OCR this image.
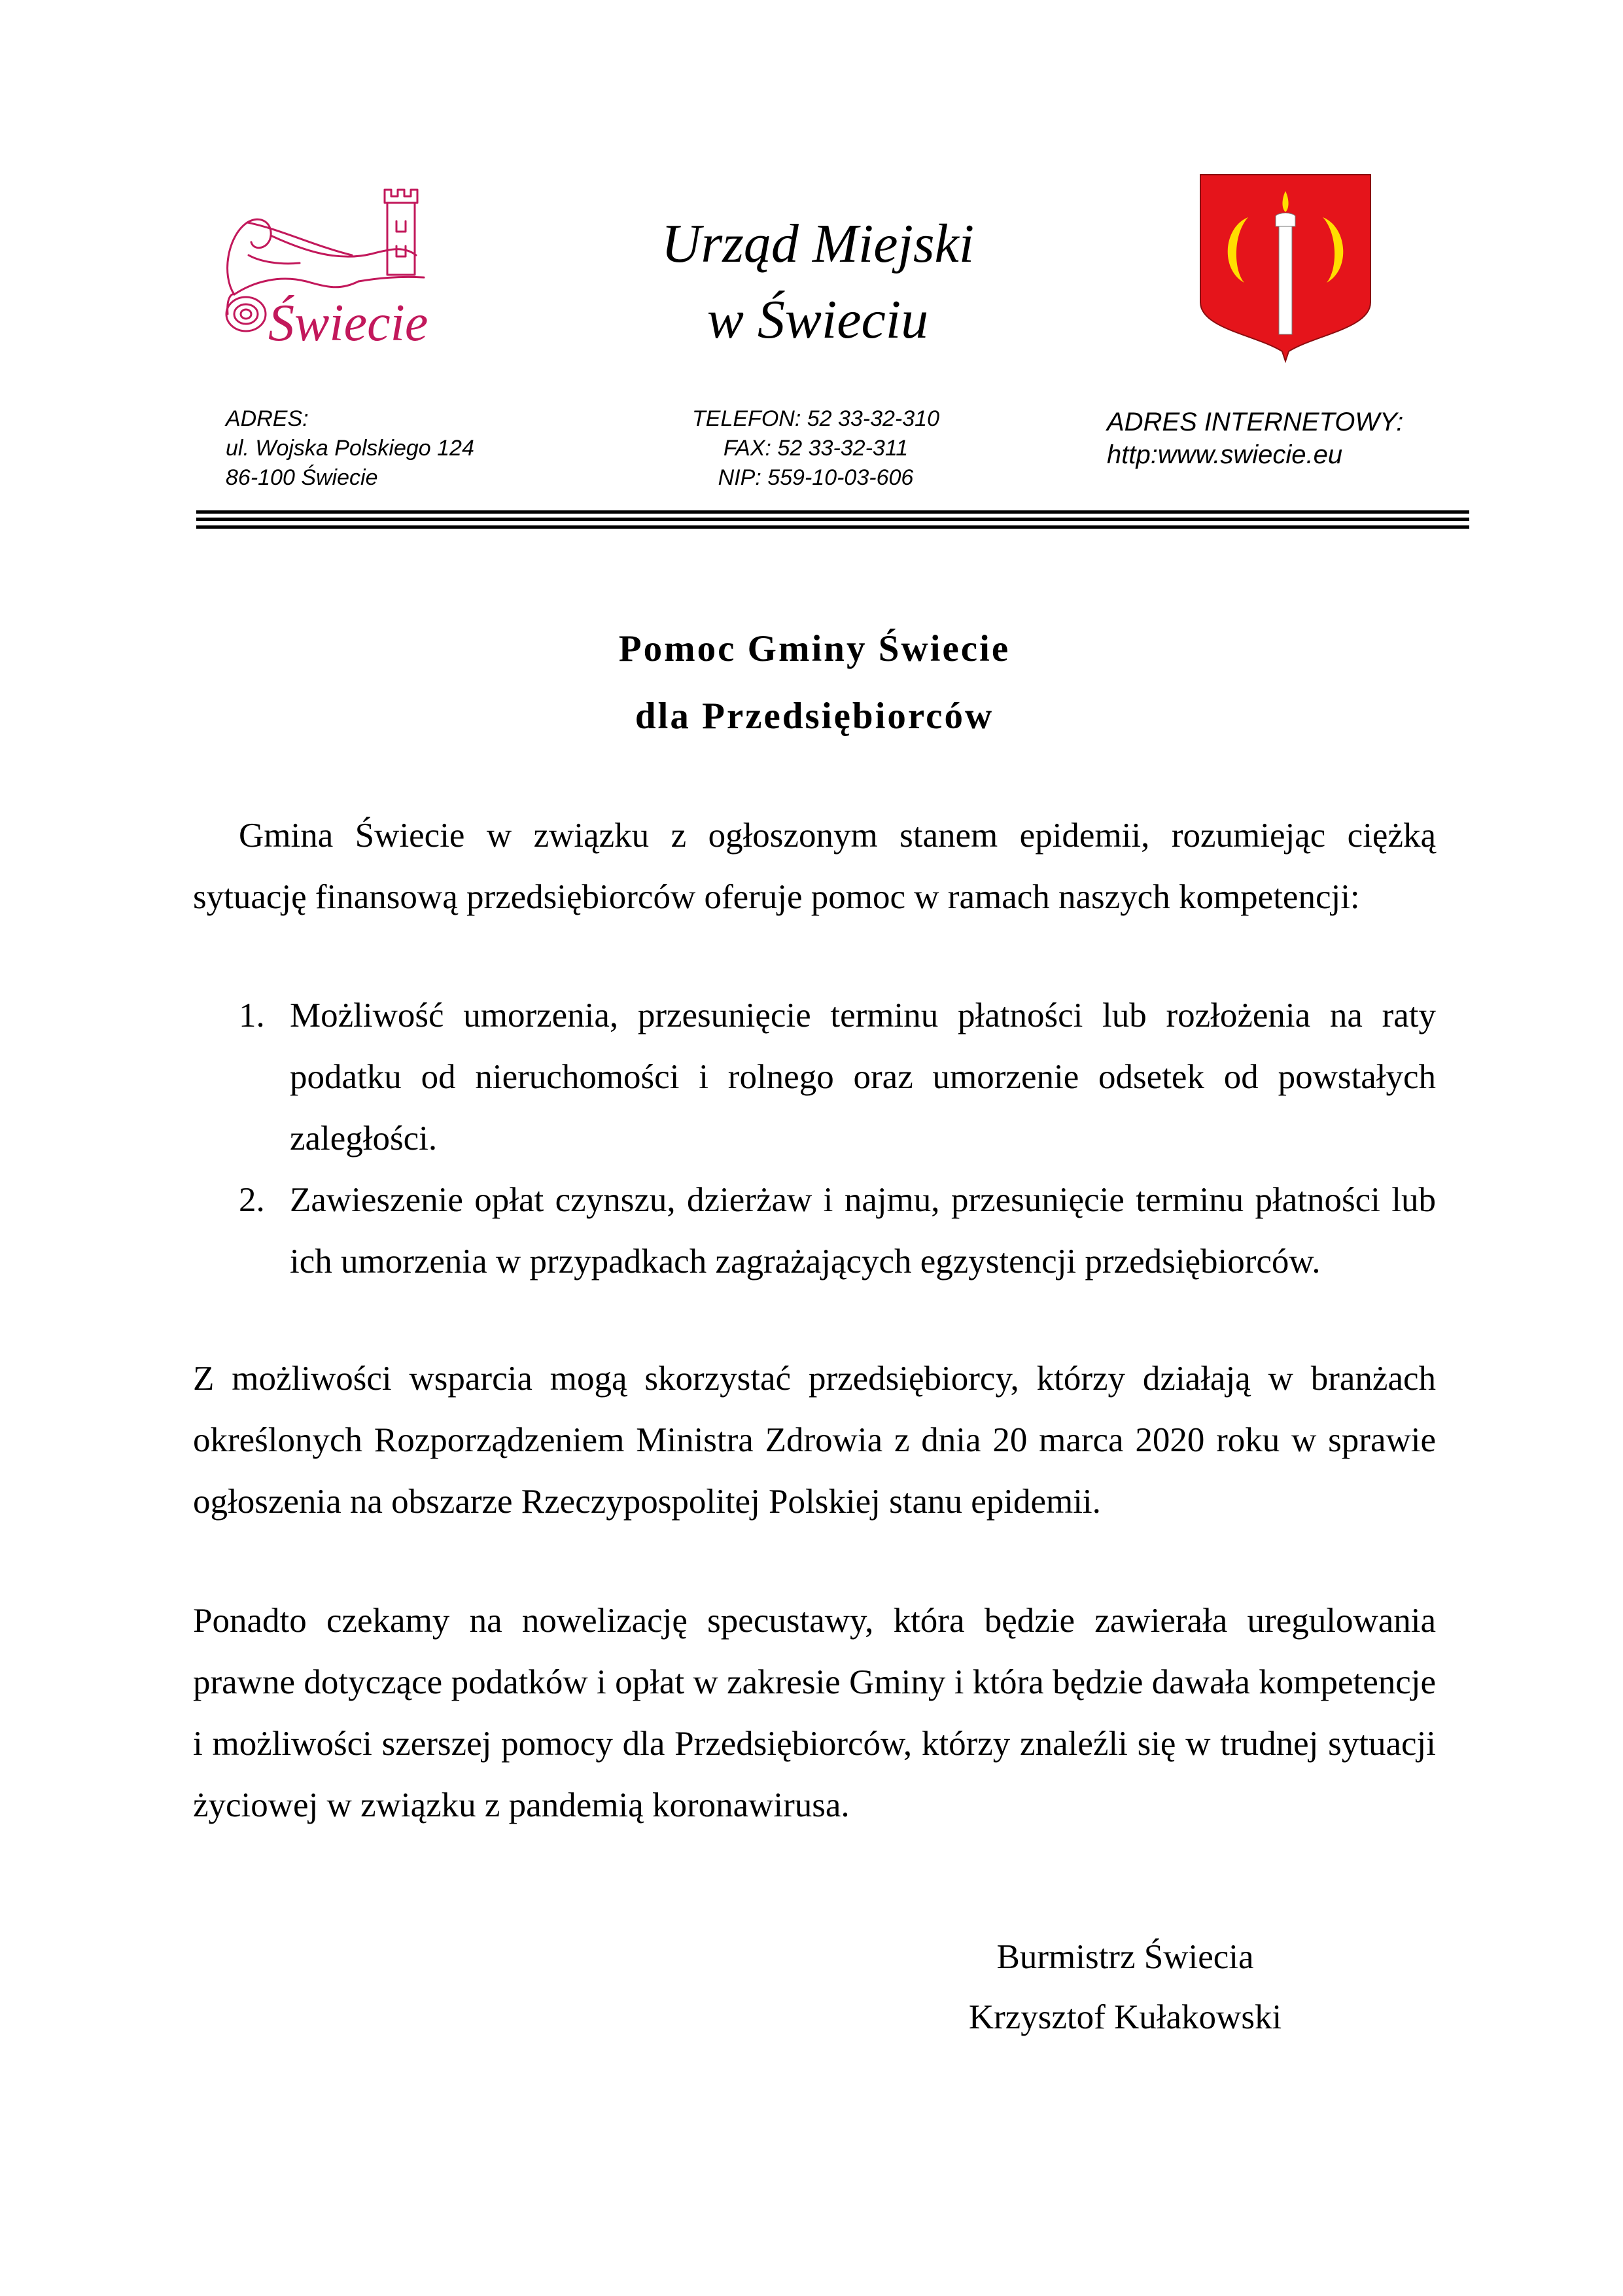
Świecie
Urząd Miejski
w Świeciu
ADRES:
ul. Wojska Polskiego 124
86-100 Świecie
TELEFON: 52 33-32-310
FAX: 52 33-32-311
NIP: 559-10-03-606
ADRES INTERNETOWY:
http:www.swiecie.eu
Pomoc Gminy Świecie
dla Przedsiębiorców
Gmina Świecie w związku z ogłoszonym stanem epidemii, rozumiejąc ciężką sytuację finansową przedsiębiorców oferuje pomoc w ramach naszych kompetencji:
1. Możliwość umorzenia, przesunięcie terminu płatności lub rozłożenia na raty podatku od nieruchomości i rolnego oraz umorzenie odsetek od powstałych zaległości.
2. Zawieszenie opłat czynszu, dzierżaw i najmu, przesunięcie terminu płatności lub ich umorzenia w przypadkach zagrażających egzystencji przedsiębiorców.
Z możliwości wsparcia mogą skorzystać przedsiębiorcy, którzy działają w branżach określonych Rozporządzeniem Ministra Zdrowia z dnia 20 marca 2020 roku w sprawie ogłoszenia na obszarze Rzeczypospolitej Polskiej stanu epidemii.
Ponadto czekamy na nowelizację specustawy, która będzie zawierała uregulowania prawne dotyczące podatków i opłat w zakresie Gminy i która będzie dawała kompetencje i możliwości szerszej pomocy dla Przedsiębiorców, którzy znaleźli się w trudnej sytuacji życiowej w związku z pandemią koronawirusa.
Burmistrz Świecia
Krzysztof Kułakowski
